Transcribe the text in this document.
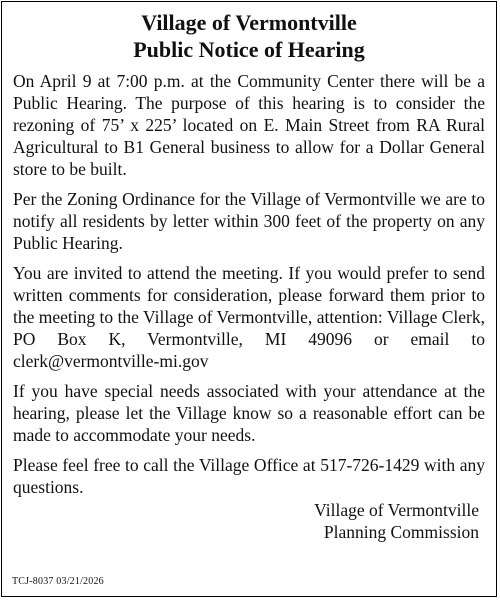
Village of Vermontville
Public Notice of Hearing

On April 9 at 7:00 p.m. at the Community Center there will be a Public Hearing. The purpose of this hearing is to consider the rezoning of 75’ x 225’ located on E. Main Street from RA Rural Agricultural to B1 General business to allow for a Dollar General store to be built.

Per the Zoning Ordinance for the Village of Vermontville we are to notify all residents by letter within 300 feet of the property on any Public Hearing.

You are invited to attend the meeting. If you would prefer to send written comments for consideration, please forward them prior to the meeting to the Village of Vermontville, attention: Village Clerk, PO Box K, Vermontville, MI 49096 or email to clerk@vermontville-mi.gov

If you have special needs associated with your attendance at the hearing, please let the Village know so a reasonable effort can be made to accommodate your needs.

Please feel free to call the Village Office at 517-726-1429 with any questions.

Village of Vermontville
Planning Commission
TCJ-8037 03/21/2026
